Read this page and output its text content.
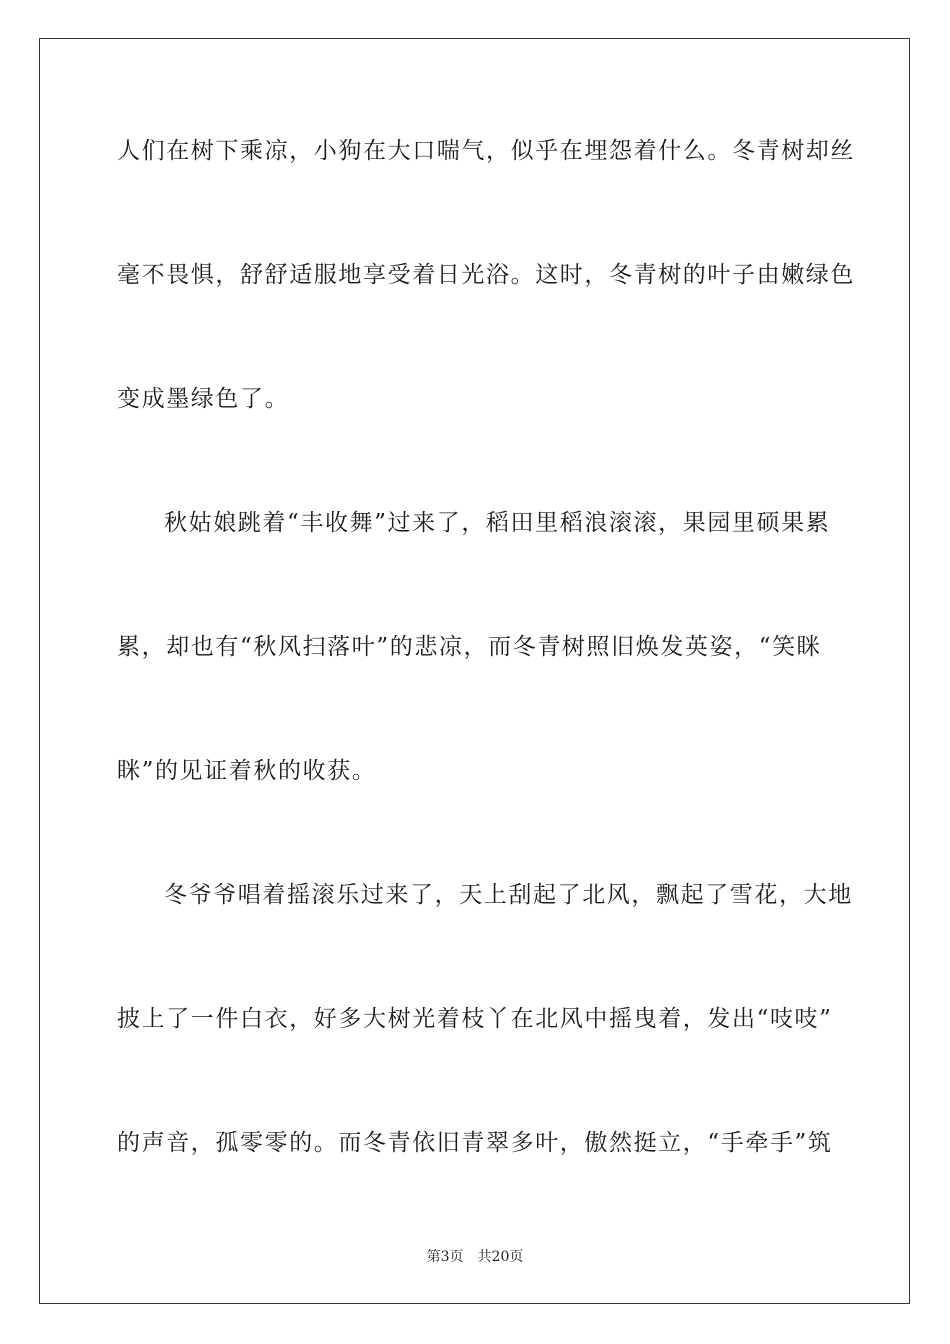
人们在树下乘凉，小狗在大口喘气，似乎在埋怨着什么。冬青树却丝
毫不畏惧，舒舒适服地享受着日光浴。这时，冬青树的叶子由嫩绿色
变成墨绿色了。
秋姑娘跳着“丰收舞”过来了，稻田里稻浪滚滚，果园里硕果累
累，却也有“秋风扫落叶”的悲凉，而冬青树照旧焕发英姿，“笑眯
眯”的见证着秋的收获。
冬爷爷唱着摇滚乐过来了，天上刮起了北风，飘起了雪花，大地
披上了一件白衣，好多大树光着枝丫在北风中摇曳着，发出“吱吱”
的声音，孤零零的。而冬青依旧青翠多叶，傲然挺立，“手牵手”筑
第3页 共20页
